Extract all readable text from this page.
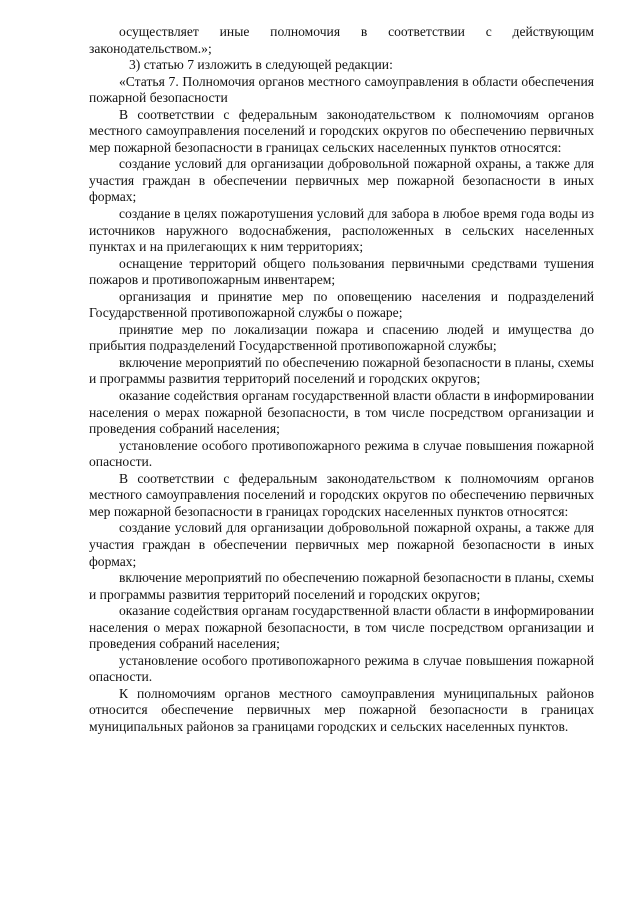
осуществляет иные полномочия в соответствии с действующим законодательством.»;

3) статью 7 изложить в следующей редакции:

«Статья 7. Полномочия органов местного самоуправления в области обеспечения пожарной безопасности

В соответствии с федеральным законодательством к полномочиям органов местного самоуправления поселений и городских округов по обеспечению первичных мер пожарной безопасности в границах сельских населенных пунктов относятся:

создание условий для организации добровольной пожарной охраны, а также для участия граждан в обеспечении первичных мер пожарной безопасности в иных формах;

создание в целях пожаротушения условий для забора в любое время года воды из источников наружного водоснабжения, расположенных в сельских населенных пунктах и на прилегающих к ним территориях;

оснащение территорий общего пользования первичными средствами тушения пожаров и противопожарным инвентарем;

организация и принятие мер по оповещению населения и подразделений Государственной противопожарной службы о пожаре;

принятие мер по локализации пожара и спасению людей и имущества до прибытия подразделений Государственной противопожарной службы;

включение мероприятий по обеспечению пожарной безопасности в планы, схемы и программы развития территорий поселений и городских округов;

оказание содействия органам государственной власти области в информировании населения о мерах пожарной безопасности, в том числе посредством организации и проведения собраний населения;

установление особого противопожарного режима в случае повышения пожарной опасности.

В соответствии с федеральным законодательством к полномочиям органов местного самоуправления поселений и городских округов по обеспечению первичных мер пожарной безопасности в границах городских населенных пунктов относятся:

создание условий для организации добровольной пожарной охраны, а также для участия граждан в обеспечении первичных мер пожарной безопасности в иных формах;

включение мероприятий по обеспечению пожарной безопасности в планы, схемы и программы развития территорий поселений и городских округов;

оказание содействия органам государственной власти области в информировании населения о мерах пожарной безопасности, в том числе посредством организации и проведения собраний населения;

установление особого противопожарного режима в случае повышения пожарной опасности.

К полномочиям органов местного самоуправления муниципальных районов относится обеспечение первичных мер пожарной безопасности в границах муниципальных районов за границами городских и сельских населенных пунктов.
